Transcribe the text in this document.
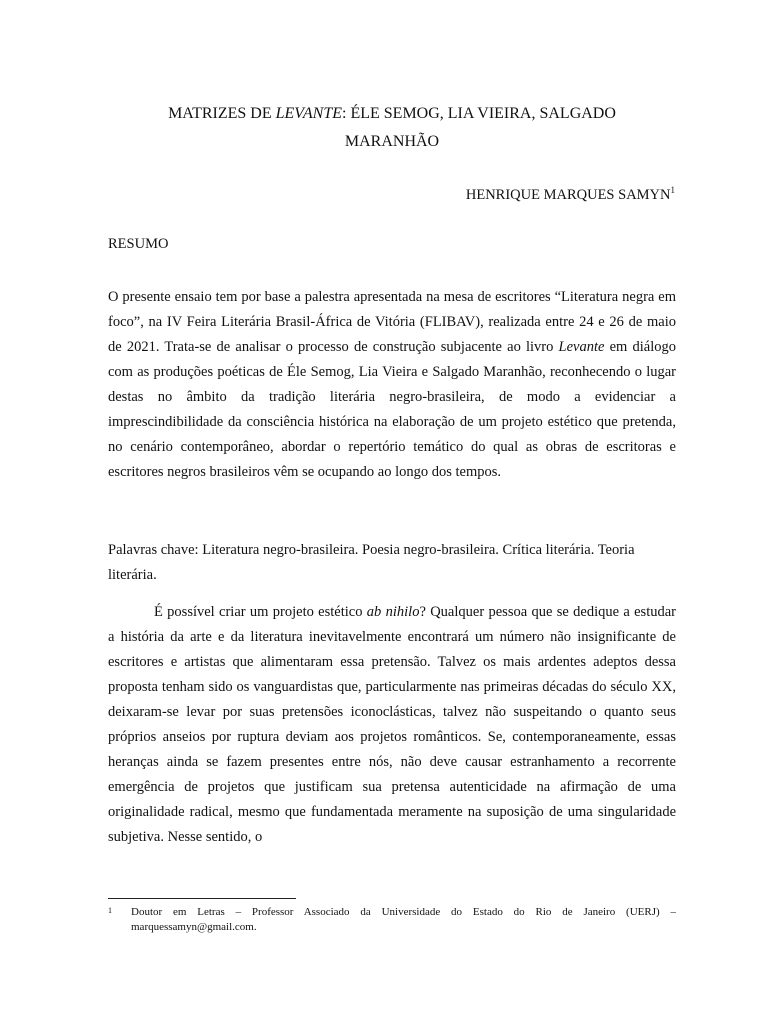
MATRIZES DE LEVANTE: ÉLE SEMOG, LIA VIEIRA, SALGADO
MARANHÃO

HENRIQUE MARQUES SAMYN$^1$

RESUMO

O presente ensaio tem por base a palestra apresentada na mesa de escritores “Literatura negra em foco”, na IV Feira Literária Brasil-África de Vitória (FLIBAV), realizada entre 24 e 26 de maio de 2021. Trata-se de analisar o processo de construção subjacente ao livro Levante em diálogo com as produções poéticas de Éle Semog, Lia Vieira e Salgado Maranhão, reconhecendo o lugar destas no âmbito da tradição literária negro-brasileira, de modo a evidenciar a imprescindibilidade da consciência histórica na elaboração de um projeto estético que pretenda, no cenário contemporâneo, abordar o repertório temático do qual as obras de escritoras e escritores negros brasileiros vêm se ocupando ao longo dos tempos.

Palavras chave: Literatura negro-brasileira. Poesia negro-brasileira. Crítica literária. Teoria literária.

É possível criar um projeto estético ab nihilo? Qualquer pessoa que se dedique a estudar a história da arte e da literatura inevitavelmente encontrará um número não insignificante de escritores e artistas que alimentaram essa pretensão. Talvez os mais ardentes adeptos dessa proposta tenham sido os vanguardistas que, particularmente nas primeiras décadas do século XX, deixaram-se levar por suas pretensões iconoclásticas, talvez não suspeitando o quanto seus próprios anseios por ruptura deviam aos projetos românticos. Se, contemporaneamente, essas heranças ainda se fazem presentes entre nós, não deve causar estranhamento a recorrente emergência de projetos que justificam sua pretensa autenticidade na afirmação de uma originalidade radical, mesmo que fundamentada meramente na suposição de uma singularidade subjetiva. Nesse sentido, o

1 Doutor em Letras – Professor Associado da Universidade do Estado do Rio de Janeiro (UERJ) – marquessamyn@gmail.com.
